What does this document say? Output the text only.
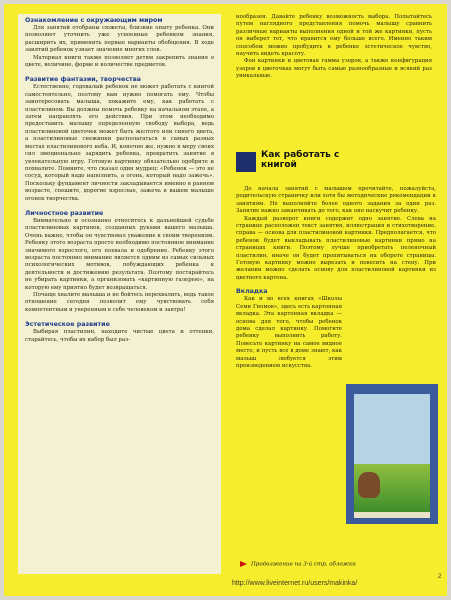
Ознакомление с окружающим миром

Для занятий отобраны сюжеты, близкие опыту ребенка. Они позволяют уточнить уже усвоенные ребенком знания, расширить их, применить первые варианты обобщения. В ходе занятий ребенок узнает значение многих слов.

Материал книги также позволяет детям закрепить знания о цвете, величине, форме и количестве предметов.

Развитие фантазии, творчества

Естественно, годовалый ребенок не может работать с книгой самостоятельно, поэтому вам нужно помогать ему. Чтобы заинтересовать малыша, покажите ему, как работать с пластилином. Вы должны помочь ребенку на начальном этапе, а затем направлять его действия. При этом необходимо предоставить малышу определенную свободу выбора, ведь пластилиновой цветочек может быть желтого или синего цвета, а пластилиновые снежинки располагаться в самых разных местах пластилинового неба. И, конечно же, нужно в меру своих сил эмоционально зарядить ребенка, превратить занятие в увлекательную игру. Готовую картинку обязательно одобрите и похвалите. Помните, что сказал один мудрец: «Ребенок — это не сосуд, который надо наполнить, а огонь, который надо зажечь». Поскольку фундамент личности закладывается именно в раннем возрасте, спешите, дорогие взрослые, зажечь в вашем малыше огонек творчества.

Личностное развитие

Внимательно и осознанно относитесь к дальнейшей судьбе пластилиновых картинок, созданных руками вашего малыша. Очень важно, чтобы он чувствовал уважение к своим творениям. Ребенку этого возраста просто необходимо постоянное внимание значимого взрослого, его похвала и одобрение. Ребенку этого возраста постоянно внимание является одним из самых сильных психологических мотивов, побуждающих ребенка к деятельности и достижению результата. Поэтому постарайтесь не убирать картинки, а организовать «картинную галерею», на которую ему приятно будет возвращаться.

Почаще хвалите малыша и не бойтесь перехвалить, ведь такое отношение сегодня позволит ему чувствовать себя компетентным и уверенным в себе человеком и завтра!

Эстетическое развитие

Выбирая пластилин, находите чистые цвета и оттенки, старайтесь, чтобы их набор был раз-

нообразен. Давайте ребенку возможность выбора. Попытайтесь путем наглядного представления помочь малышу сравнить различные варианты выполнения одной и той же картинки, пусть он выберет тот, что нравится ему больше всего. Именно таким способом можно пробудить в ребенке эстетическое чувство, научить видеть красоту.

Фон картинки и цветовая гамма узоров, а также конфигурация узоров в цветочках могут быть самые разнообразные и всякий раз уникальные.

Как работать с книгой

До начала занятий с малышом прочитайте, пожалуйста, родительскую страничку или хотя бы методические рекомендации к занятиям. Не выполняйте более одного задания за один раз. Занятие важно заканчивать до того, как оно наскучит ребенку.

Каждый разворот книги содержит одно занятие. Слева на странице расположен текст занятия, иллюстрация и стихотворение, справа — основа для пластилиновой картинки. Предполагается, что ребенок будет выкладывать пластилиновые картинки прямо на страницах книги. Поэтому лучше приобретать пеленочный пластилин, иначе он будет пропитываться на обороте страницы. Готовую картинку можно вырезать и повесить на стену. При желании можно сделать основу для пластилиновой картинки из цветного картона.

Вкладка

Как и во всех книгах «Школы Семи Гномов», здесь есть картонная вкладка. Эта картонная вкладка — основа для того, чтобы ребенок дома сделал картинку. Помогите ребенку выполнить работу. Повесьте картинку на самое видное место, и пусть все в доме знают, как малыш любуется этим произведением искусства.

Продолжение на 3-й стр. обложки
http://www.liveinternet.ru/users/makinka/
2
